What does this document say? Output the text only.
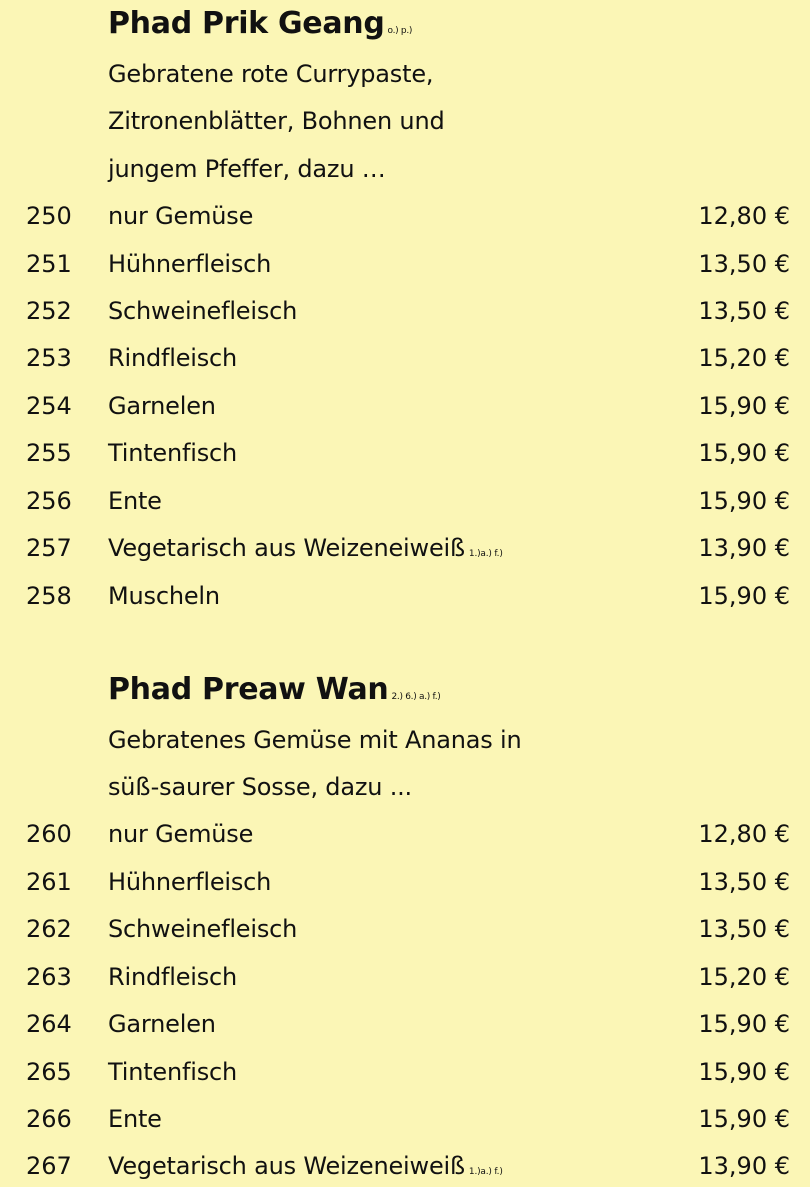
Phad Prik Geang o.) p.)
Gebratene rote Currypaste,
Zitronenblätter, Bohnen und
jungem Pfeffer, dazu …
250 nur Gemüse	12,80 €
251 Hühnerfleisch	13,50 €
252 Schweinefleisch	13,50 €
253 Rindfleisch	15,20 €
254 Garnelen	15,90 €
255 Tintenfisch	15,90 €
256 Ente	15,90 €
257 Vegetarisch aus Weizeneiweiß 1.)a.) f.)	13,90 €
258 Muscheln	15,90 €
Phad Preaw Wan 2.) 6.) a.) f.)
Gebratenes Gemüse mit Ananas in
süß-saurer Sosse, dazu ...
260 nur Gemüse	12,80 €
261 Hühnerfleisch	13,50 €
262 Schweinefleisch	13,50 €
263 Rindfleisch	15,20 €
264 Garnelen	15,90 €
265 Tintenfisch	15,90 €
266 Ente	15,90 €
267 Vegetarisch aus Weizeneiweiß 1.)a.) f.)	13,90 €
